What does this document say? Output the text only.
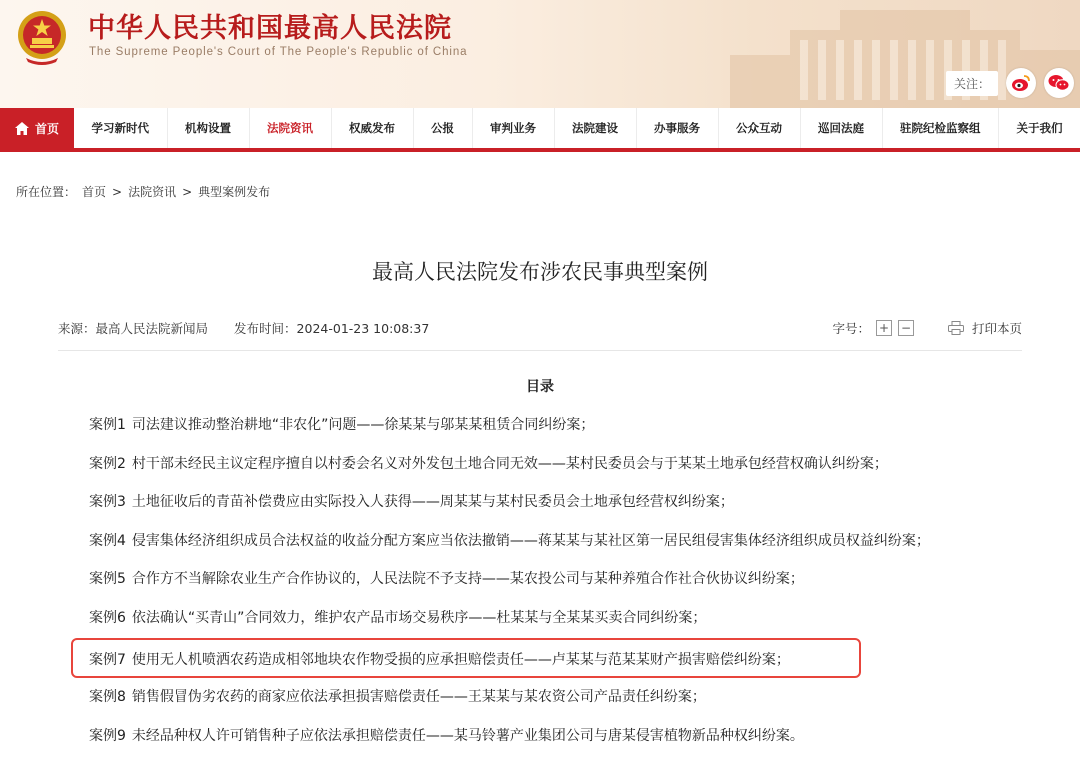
中华人民共和国最高人民法院
The Supreme People's Court of The People's Republic of China
关注：
首页	学习新时代	机构设置	法院资讯	权威发布	公报	审判业务	法院建设	办事服务	公众互动	巡回法庭	驻院纪检监察组	关于我们
所在位置： 首页 > 法院资讯 > 典型案例发布
最高人民法院发布涉农民事典型案例
来源：最高人民法院新闻局 发布时间：2024-01-23 10:08:37	字号： + −	打印本页
目录
案例1 司法建议推动整治耕地“非农化”问题——徐某某与邬某某租赁合同纠纷案；
案例2 村干部未经民主议定程序擅自以村委会名义对外发包土地合同无效——某村民委员会与于某某土地承包经营权确认纠纷案；
案例3 土地征收后的青苗补偿费应由实际投入人获得——周某某与某村民委员会土地承包经营权纠纷案；
案例4 侵害集体经济组织成员合法权益的收益分配方案应当依法撤销——蒋某某与某社区第一居民组侵害集体经济组织成员权益纠纷案；
案例5 合作方不当解除农业生产合作协议的，人民法院不予支持——某农投公司与某种养殖合作社合伙协议纠纷案；
案例6 依法确认“买青山”合同效力，维护农产品市场交易秩序——杜某某与全某某买卖合同纠纷案；
案例7 使用无人机喷洒农药造成相邻地块农作物受损的应承担赔偿责任——卢某某与范某某财产损害赔偿纠纷案；
案例8 销售假冒伪劣农药的商家应依法承担损害赔偿责任——王某某与某农资公司产品责任纠纷案；
案例9 未经品种权人许可销售种子应依法承担赔偿责任——某马铃薯产业集团公司与唐某侵害植物新品种权纠纷案。
